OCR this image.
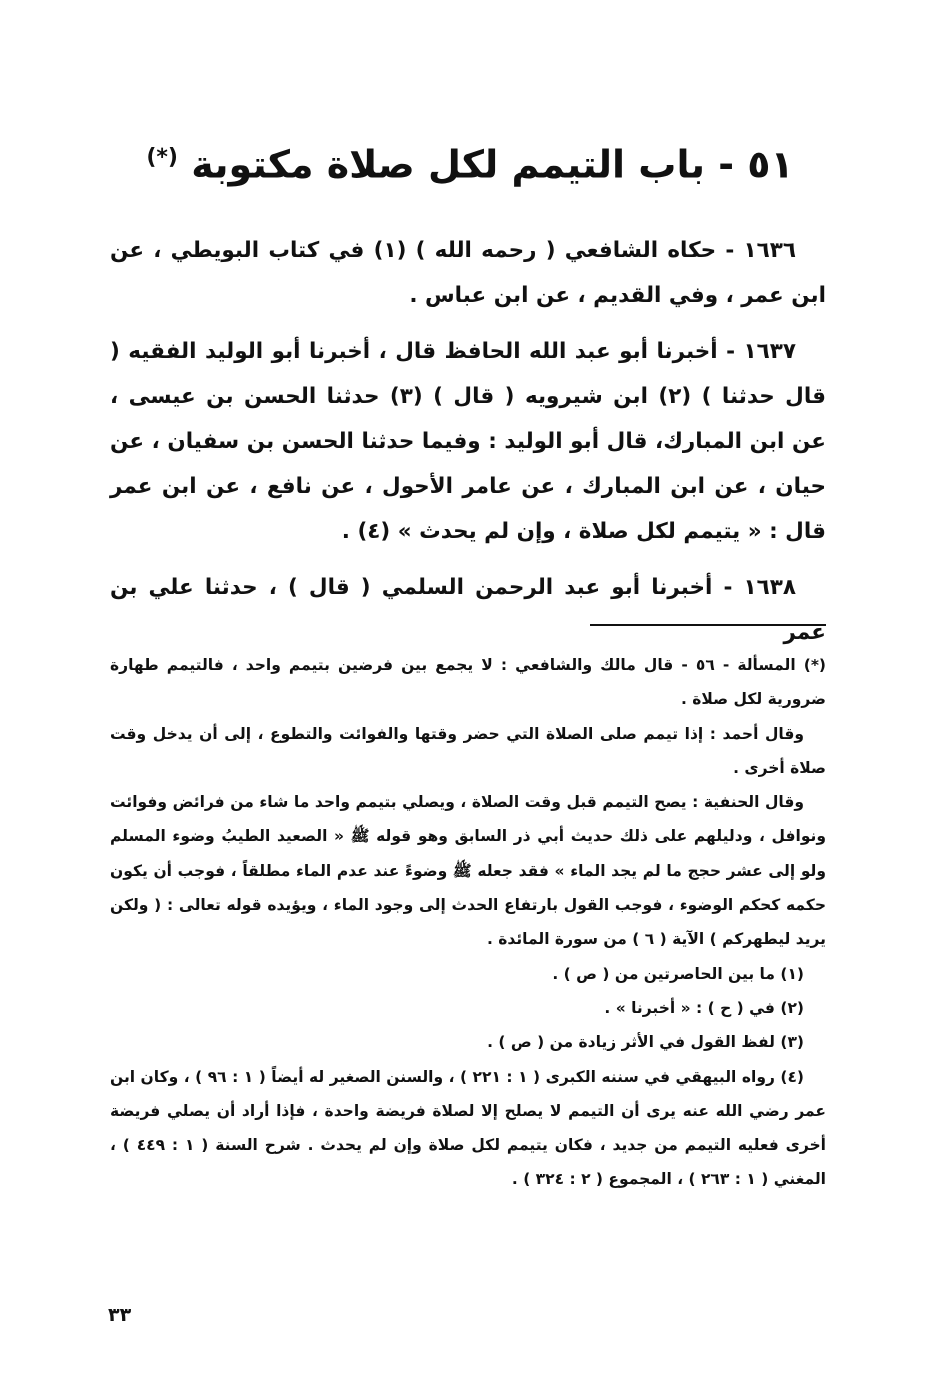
٥١ - باب التيمم لكل صلاة مكتوبة (*)

١٦٣٦ - حكاه الشافعي ( رحمه الله ) (١) في كتاب البويطي ، عن ابن عمر ، وفي القديم ، عن ابن عباس .

١٦٣٧ - أخبرنا أبو عبد الله الحافظ قال ، أخبرنا أبو الوليد الفقيه ( قال حدثنا ) (٢) ابن شيرويه ( قال ) (٣) حدثنا الحسن بن عيسى ، عن ابن المبارك، قال أبو الوليد : وفيما حدثنا الحسن بن سفيان ، عن حيان ، عن ابن المبارك ، عن عامر الأحول ، عن نافع ، عن ابن عمر قال : « يتيمم لكل صلاة ، وإن لم يحدث » (٤) .

١٦٣٨ - أخبرنا أبو عبد الرحمن السلمي ( قال ) ، حدثنا علي بن عمر

(*) المسألة - ٥٦ - قال مالك والشافعي : لا يجمع بين فرضين بتيمم واحد ، فالتيمم طهارة ضرورية لكل صلاة .

وقال أحمد : إذا تيمم صلى الصلاة التي حضر وقتها والفوائت والتطوع ، إلى أن يدخل وقت صلاة أخرى .

وقال الحنفية : يصح التيمم قبل وقت الصلاة ، ويصلي بتيمم واحد ما شاء من فرائض وفوائت ونوافل ، ودليلهم على ذلك حديث أبي ذر السابق وهو قوله ﷺ « الصعيد الطيبُ وضوء المسلم ولو إلى عشر حجج ما لم يجد الماء » فقد جعله ﷺ وضوءً عند عدم الماء مطلقاً ، فوجب أن يكون حكمه كحكم الوضوء ، فوجب القول بارتفاع الحدث إلى وجود الماء ، ويؤيده قوله تعالى : ( ولكن يريد ليطهركم ) الآية ( ٦ ) من سورة المائدة .

(١) ما بين الحاصرتين من ( ص ) .

(٢) في ( ح ) : « أخبرنا » .

(٣) لفظ القول في الأثر زيادة من ( ص ) .

(٤) رواه البيهقي في سننه الكبرى ( ١ : ٢٢١ ) ، والسنن الصغير له أيضاً ( ١ : ٩٦ ) ، وكان ابن عمر رضي الله عنه يرى أن التيمم لا يصلح إلا لصلاة فريضة واحدة ، فإذا أراد أن يصلي فريضة أخرى فعليه التيمم من جديد ، فكان يتيمم لكل صلاة وإن لم يحدث . شرح السنة ( ١ : ٤٤٩ ) ، المغني ( ١ : ٢٦٣ ) ، المجموع ( ٢ : ٣٢٤ ) .

٣٣
